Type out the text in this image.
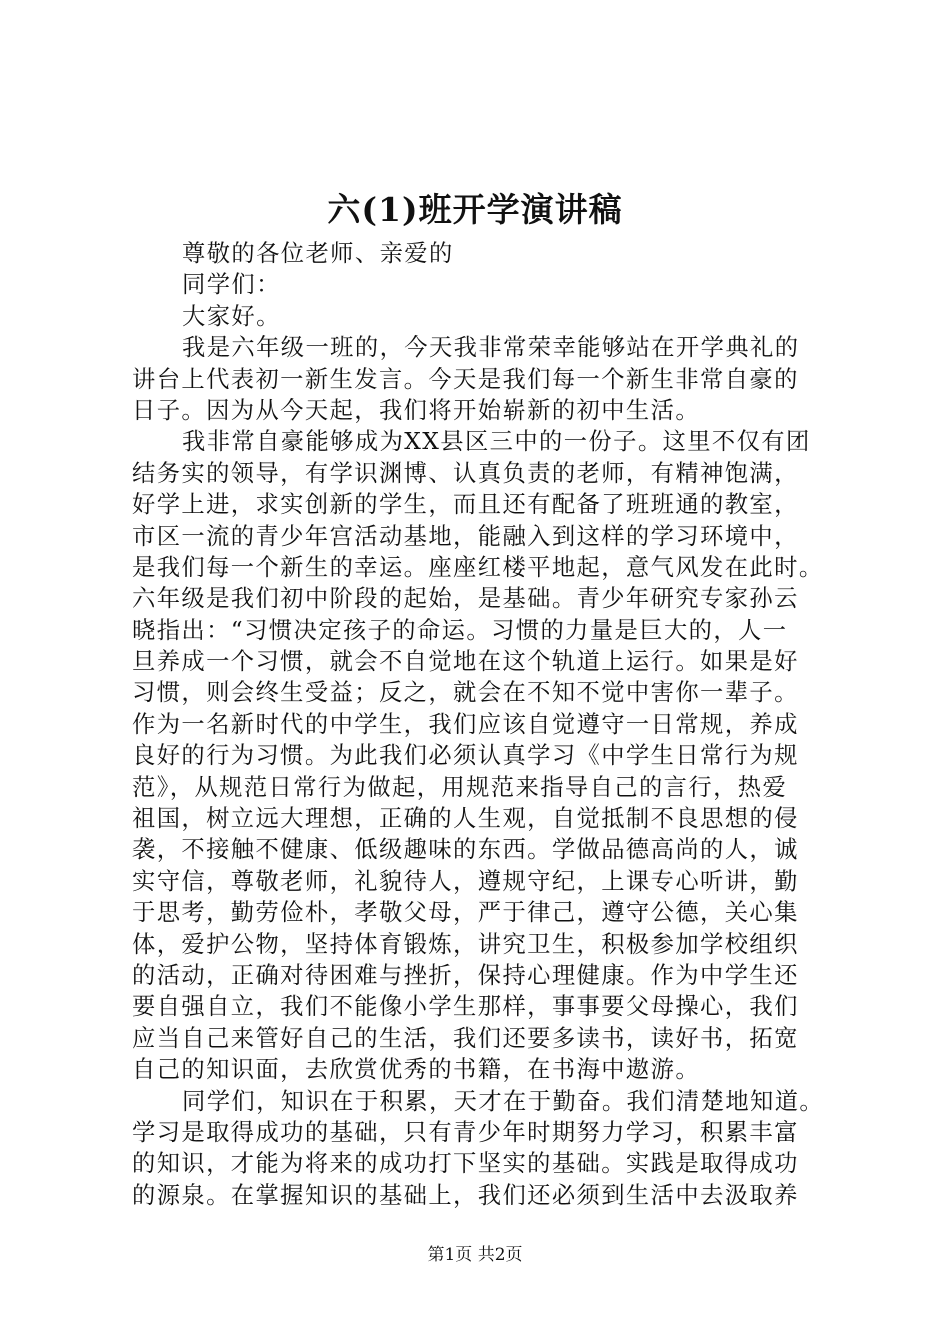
六(1)班开学演讲稿
尊敬的各位老师、亲爱的
同学们：
大家好。
我是六年级一班的，今天我非常荣幸能够站在开学典礼的
讲台上代表初一新生发言。今天是我们每一个新生非常自豪的
日子。因为从今天起，我们将开始崭新的初中生活。
我非常自豪能够成为XX县区三中的一份子。这里不仅有团
结务实的领导，有学识渊博、认真负责的老师，有精神饱满，
好学上进，求实创新的学生，而且还有配备了班班通的教室，
市区一流的青少年宫活动基地，能融入到这样的学习环境中，
是我们每一个新生的幸运。座座红楼平地起，意气风发在此时。
六年级是我们初中阶段的起始，是基础。青少年研究专家孙云
晓指出：“习惯决定孩子的命运。习惯的力量是巨大的，人一
旦养成一个习惯，就会不自觉地在这个轨道上运行。如果是好
习惯，则会终生受益；反之，就会在不知不觉中害你一辈子。
作为一名新时代的中学生，我们应该自觉遵守一日常规，养成
良好的行为习惯。为此我们必须认真学习《中学生日常行为规
范》，从规范日常行为做起，用规范来指导自己的言行，热爱
祖国，树立远大理想，正确的人生观，自觉抵制不良思想的侵
袭，不接触不健康、低级趣味的东西。学做品德高尚的人，诚
实守信，尊敬老师，礼貌待人，遵规守纪，上课专心听讲，勤
于思考，勤劳俭朴，孝敬父母，严于律己，遵守公德，关心集
体，爱护公物，坚持体育锻炼，讲究卫生，积极参加学校组织
的活动，正确对待困难与挫折，保持心理健康。作为中学生还
要自强自立，我们不能像小学生那样，事事要父母操心，我们
应当自己来管好自己的生活，我们还要多读书，读好书，拓宽
自己的知识面，去欣赏优秀的书籍，在书海中遨游。
同学们，知识在于积累，天才在于勤奋。我们清楚地知道。
学习是取得成功的基础，只有青少年时期努力学习，积累丰富
的知识，才能为将来的成功打下坚实的基础。实践是取得成功
的源泉。在掌握知识的基础上，我们还必须到生活中去汲取养
第1页 共2页
